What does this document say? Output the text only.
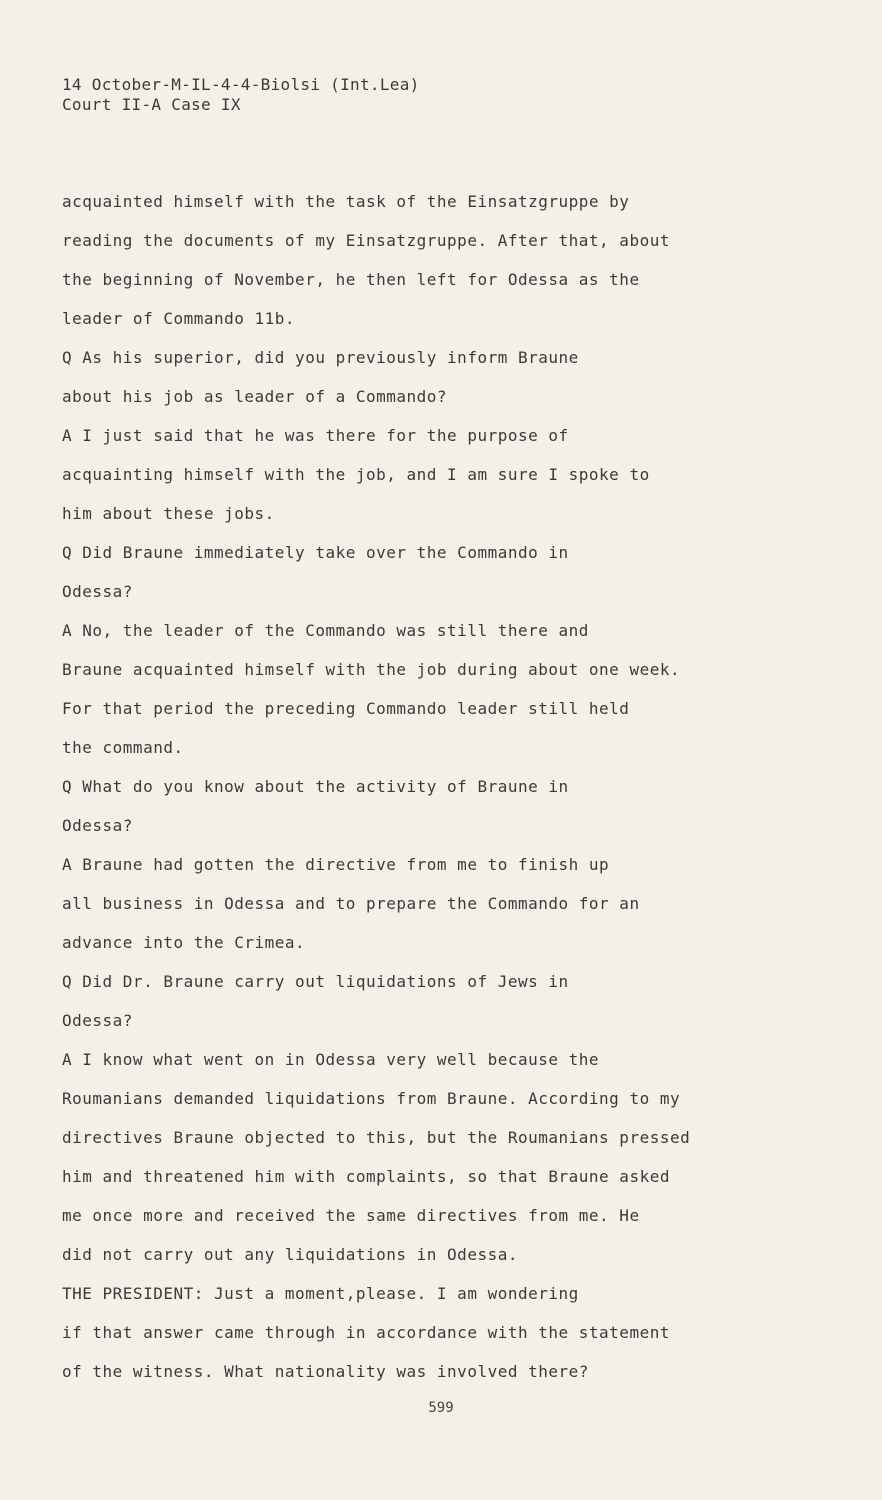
14 October-M-IL-4-4-Biolsi (Int.Lea)
Court II-A Case IX
acquainted himself with the task of the Einsatzgruppe by
reading the documents of my Einsatzgruppe. After that, about
the beginning of November, he then left for Odessa as the
leader of Commando 11b.
Q As his superior, did you previously inform Braune
about his job as leader of a Commando?
A I just said that he was there for the purpose of
acquainting himself with the job, and I am sure I spoke to
him about these jobs.
Q Did Braune immediately take over the Commando in
Odessa?
A No, the leader of the Commando was still there and
Braune acquainted himself with the job during about one week.
For that period the preceding Commando leader still held
the command.
Q What do you know about the activity of Braune in
Odessa?
A Braune had gotten the directive from me to finish up
all business in Odessa and to prepare the Commando for an
advance into the Crimea.
Q Did Dr. Braune carry out liquidations of Jews in
Odessa?
A I know what went on in Odessa very well because the
Roumanians demanded liquidations from Braune. According to my
directives Braune objected to this, but the Roumanians pressed
him and threatened him with complaints, so that Braune asked
me once more and received the same directives from me. He
did not carry out any liquidations in Odessa.
THE PRESIDENT: Just a moment,please. I am wondering
if that answer came through in accordance with the statement
of the witness. What nationality was involved there?
599
